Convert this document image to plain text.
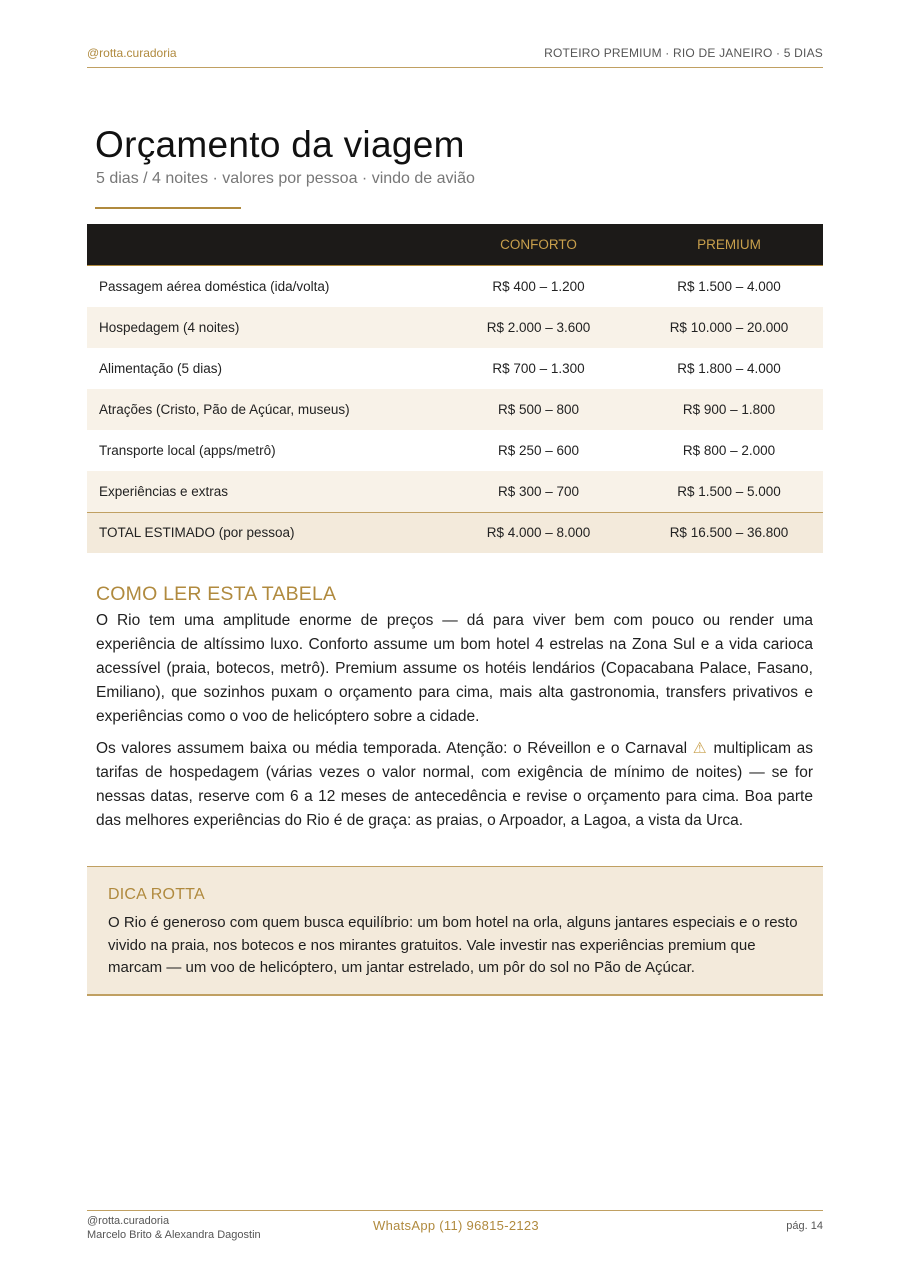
@rotta.curadoria	ROTEIRO PREMIUM · RIO DE JANEIRO · 5 DIAS
Orçamento da viagem
5 dias / 4 noites · valores por pessoa · vindo de avião
	CONFORTO	PREMIUM
Passagem aérea doméstica (ida/volta)	R$ 400 – 1.200	R$ 1.500 – 4.000
Hospedagem (4 noites)	R$ 2.000 – 3.600	R$ 10.000 – 20.000
Alimentação (5 dias)	R$ 700 – 1.300	R$ 1.800 – 4.000
Atrações (Cristo, Pão de Açúcar, museus)	R$ 500 – 800	R$ 900 – 1.800
Transporte local (apps/metrô)	R$ 250 – 600	R$ 800 – 2.000
Experiências e extras	R$ 300 – 700	R$ 1.500 – 5.000
TOTAL ESTIMADO (por pessoa)	R$ 4.000 – 8.000	R$ 16.500 – 36.800
COMO LER ESTA TABELA

O Rio tem uma amplitude enorme de preços — dá para viver bem com pouco ou render uma experiência de altíssimo luxo. Conforto assume um bom hotel 4 estrelas na Zona Sul e a vida carioca acessível (praia, botecos, metrô). Premium assume os hotéis lendários (Copacabana Palace, Fasano, Emiliano), que sozinhos puxam o orçamento para cima, mais alta gastronomia, transfers privativos e experiências como o voo de helicóptero sobre a cidade.

Os valores assumem baixa ou média temporada. Atenção: o Réveillon e o Carnaval ⚠ multiplicam as tarifas de hospedagem (várias vezes o valor normal, com exigência de mínimo de noites) — se for nessas datas, reserve com 6 a 12 meses de antecedência e revise o orçamento para cima. Boa parte das melhores experiências do Rio é de graça: as praias, o Arpoador, a Lagoa, a vista da Urca.

DICA ROTTA

O Rio é generoso com quem busca equilíbrio: um bom hotel na orla, alguns jantares especiais e o resto vivido na praia, nos botecos e nos mirantes gratuitos. Vale investir nas experiências premium que marcam — um voo de helicóptero, um jantar estrelado, um pôr do sol no Pão de Açúcar.

@rotta.curadoria
Marcelo Brito & Alexandra Dagostin
WhatsApp (11) 96815-2123	pág. 14
